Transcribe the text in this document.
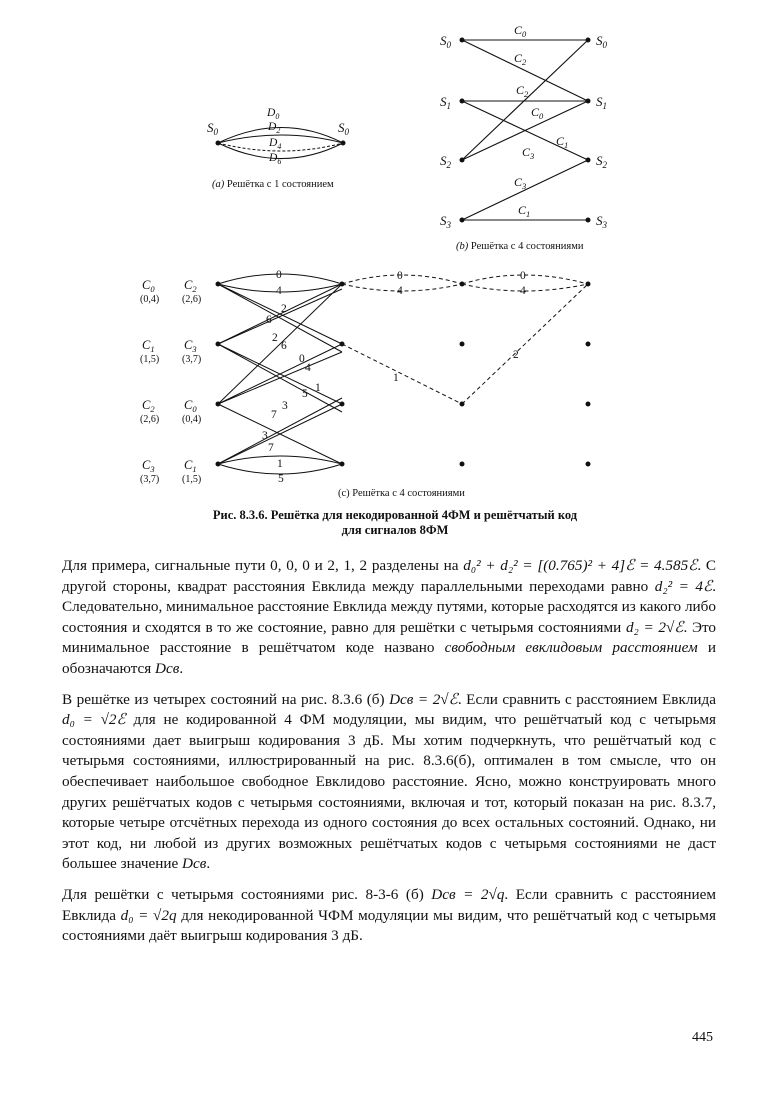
$S_0$	$S_0$
$D_0$
$D_2$
$D_4$
$D_6$
(a) Решётка с 1 состоянием
$S_0$
$S_1$
$S_2$
$S_3$
$S_0$
$S_1$
$S_2$
$S_3$
$C_0$
$C_2$
$C_2$
$C_0$
$C_1$
$C_3$
$C_3$
$C_1$
(b) Решётка с 4 состояниями
$C_0$
(0,4)
$C_1$
(1,5)
$C_2$
(2,6)
$C_3$
(3,7)
$C_2$
(2,6)
$C_3$
(3,7)
$C_0$
(0,4)
$C_1$
(1,5)
0
4
2
6
2
6
0
4
5 1
3
7
3
7
1
5
0
4
0
4
1
2
(c) Решётка с 4 состояниями
Рис. 8.3.6. Решётка для некодированной 4ФМ и решётчатый код
для сигналов 8ФМ

Для примера, сигнальные пути 0, 0, 0 и 2, 1, 2 разделены на d₀² + d₂² = [(0.765)² + 4]ℰ = 4.585ℰ. С другой стороны, квадрат расстояния Евклида между параллельными переходами равно d₂² = 4ℰ. Следовательно, минимальное расстояние Евклида между путями, которые расходятся из какого либо состояния и сходятся в то же состояние, равно для решётки с четырьмя состояниями d₂ = 2√ℰ. Это минимальное расстояние в решётчатом коде названо свободным евклидовым расстоянием и обозначаются Dсв.

В решётке из четырех состояний на рис. 8.3.6 (б) Dсв = 2√ℰ. Если сравнить с расстоянием Евклида d₀ = √2ℰ для не кодированной 4 ФМ модуляции, мы видим, что решётчатый код с четырьмя состояниями дает выигрыш кодирования 3 дБ. Мы хотим подчеркнуть, что решётчатый код с четырьмя состояниями, иллюстрированный на рис. 8.3.6(б), оптимален в том смысле, что он обеспечивает наибольшое свободное Евклидово расстояние. Ясно, можно конструировать много других решётчатых кодов с четырьмя состояниями, включая и тот, который показан на рис. 8.3.7, которые четыре отсчётных перехода из одного состояния до всех остальных состояний. Однако, ни этот код, ни любой из других возможных решётчатых кодов с четырьмя состояниями не даст большее значение Dсв.

Для решётки с четырьмя состояниями рис. 8-3-6 (б) Dсв = 2√q. Если сравнить с расстоянием Евклида d₀ = √2q для некодированной ЧФМ модуляции мы видим, что решётчатый код с четырьмя состояниями даёт выигрыш кодирования 3 дБ.

445
